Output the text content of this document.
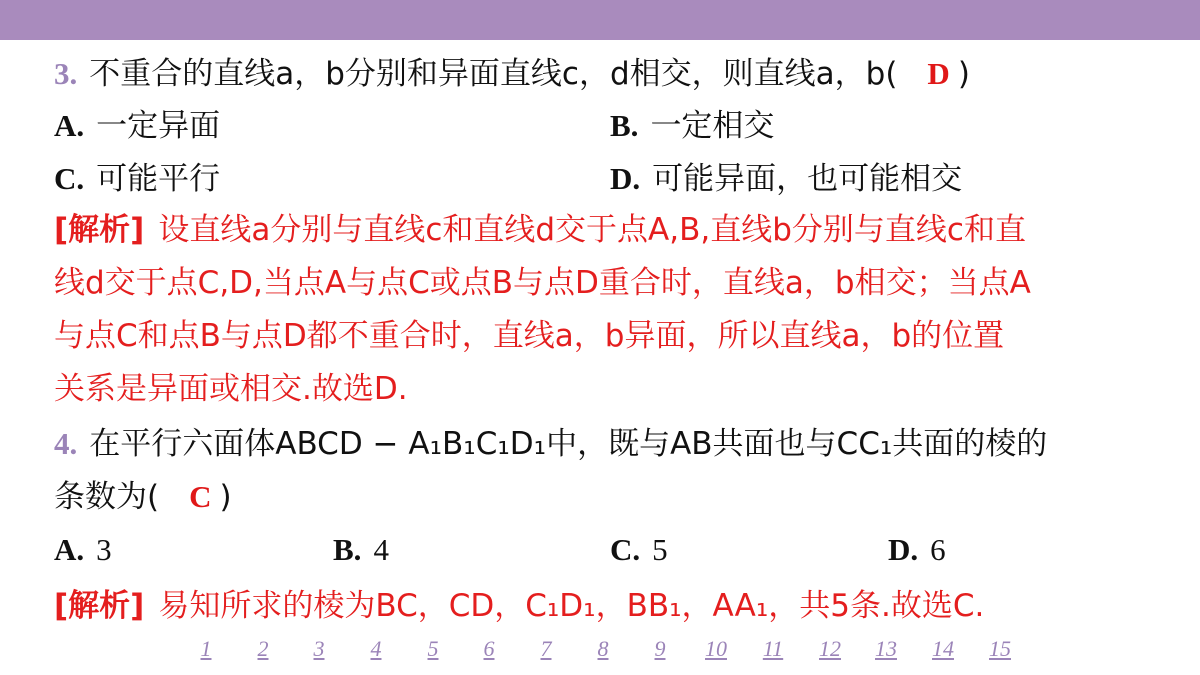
3. 不重合的直线a，b分别和异面直线c，d相交，则直线a，b( D )
A. 一定异面	B. 一定相交
C. 可能平行	D. 可能异面，也可能相交
[解析] 设直线a分别与直线c和直线d交于点A,B,直线b分别与直线c和直
线d交于点C,D,当点A与点C或点B与点D重合时，直线a，b相交；当点A
与点C和点B与点D都不重合时，直线a，b异面，所以直线a，b的位置
关系是异面或相交.故选D.
4. 在平行六面体ABCD − A₁B₁C₁D₁中，既与AB共面也与CC₁共面的棱的
条数为( C )
A. 3	B. 4	C. 5	D. 6
[解析] 易知所求的棱为BC，CD，C₁D₁，BB₁，AA₁，共5条.故选C.
1	2	3	4	5	6	7	8	9	10 11 12 13 14 15
